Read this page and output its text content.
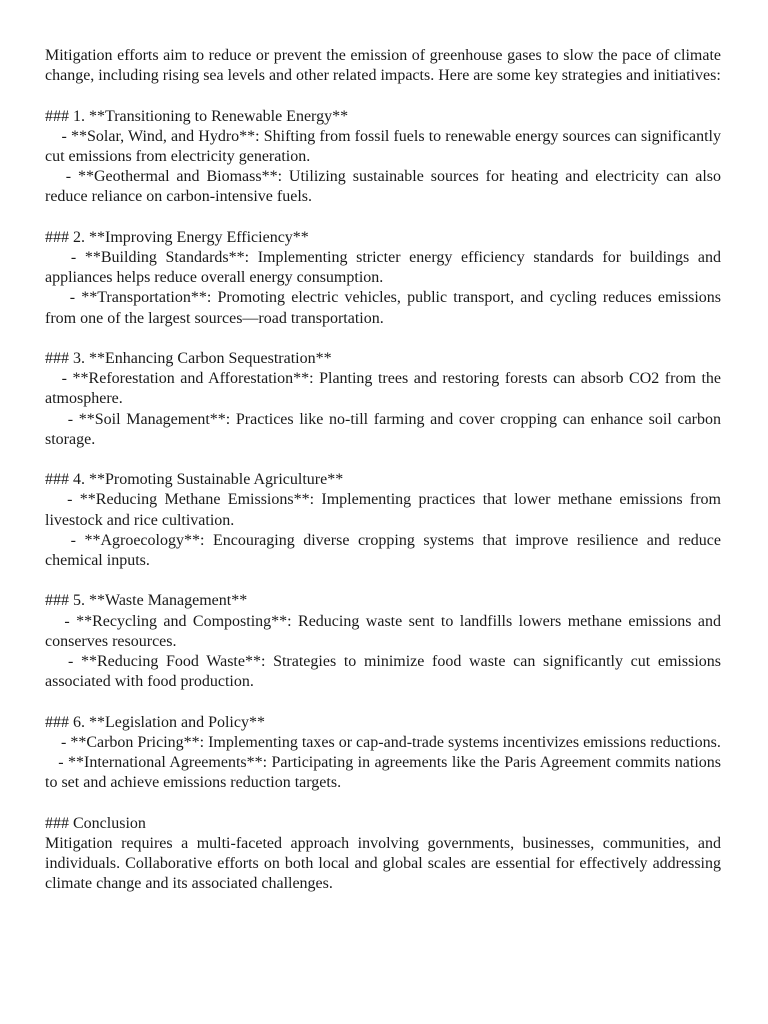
Mitigation efforts aim to reduce or prevent the emission of greenhouse gases to slow the pace of climate change, including rising sea levels and other related impacts. Here are some key strategies and initiatives:

### 1. **Transitioning to Renewable Energy**

- **Solar, Wind, and Hydro**: Shifting from fossil fuels to renewable energy sources can significantly cut emissions from electricity generation.

- **Geothermal and Biomass**: Utilizing sustainable sources for heating and electricity can also reduce reliance on carbon-intensive fuels.

### 2. **Improving Energy Efficiency**

- **Building Standards**: Implementing stricter energy efficiency standards for buildings and appliances helps reduce overall energy consumption.

- **Transportation**: Promoting electric vehicles, public transport, and cycling reduces emissions from one of the largest sources—road transportation.

### 3. **Enhancing Carbon Sequestration**

- **Reforestation and Afforestation**: Planting trees and restoring forests can absorb CO2 from the atmosphere.

- **Soil Management**: Practices like no-till farming and cover cropping can enhance soil carbon storage.

### 4. **Promoting Sustainable Agriculture**

- **Reducing Methane Emissions**: Implementing practices that lower methane emissions from livestock and rice cultivation.

- **Agroecology**: Encouraging diverse cropping systems that improve resilience and reduce chemical inputs.

### 5. **Waste Management**

- **Recycling and Composting**: Reducing waste sent to landfills lowers methane emissions and conserves resources.

- **Reducing Food Waste**: Strategies to minimize food waste can significantly cut emissions associated with food production.

### 6. **Legislation and Policy**

- **Carbon Pricing**: Implementing taxes or cap-and-trade systems incentivizes emissions reductions.

- **International Agreements**: Participating in agreements like the Paris Agreement commits nations to set and achieve emissions reduction targets.

### Conclusion

Mitigation requires a multi-faceted approach involving governments, businesses, communities, and individuals. Collaborative efforts on both local and global scales are essential for effectively addressing climate change and its associated challenges.
